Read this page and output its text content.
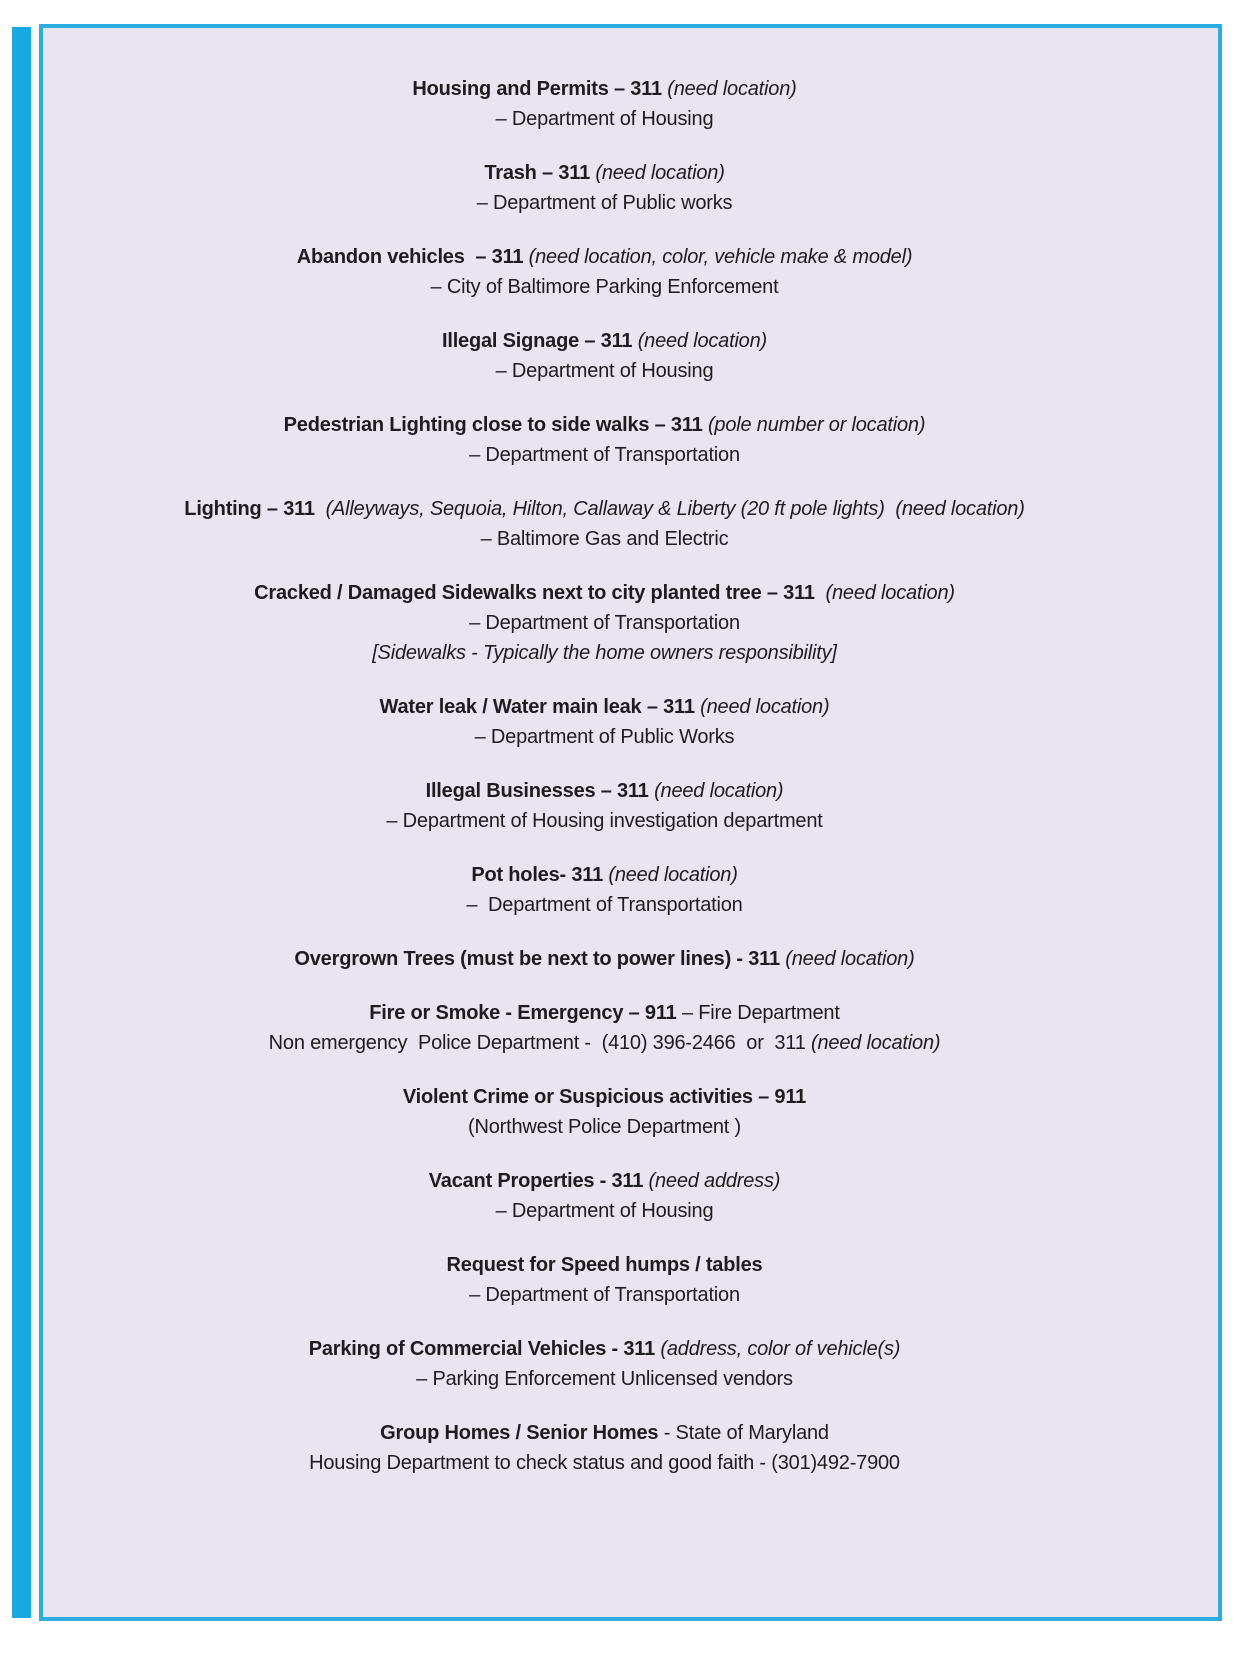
Housing and Permits – 311 (need location)
– Department of Housing
Trash – 311 (need location)
– Department of Public works
Abandon vehicles  – 311 (need location, color, vehicle make & model)
– City of Baltimore Parking Enforcement
Illegal Signage – 311 (need location)
– Department of Housing
Pedestrian Lighting close to side walks – 311 (pole number or location)
– Department of Transportation
Lighting – 311  (Alleyways, Sequoia, Hilton, Callaway & Liberty (20 ft pole lights)  (need location)
– Baltimore Gas and Electric
Cracked / Damaged Sidewalks next to city planted tree – 311  (need location)
– Department of Transportation
[Sidewalks - Typically the home owners responsibility]
Water leak / Water main leak – 311 (need location)
– Department of Public Works
Illegal Businesses – 311 (need location)
– Department of Housing investigation department
Pot holes- 311 (need location)
–  Department of Transportation
Overgrown Trees (must be next to power lines) - 311 (need location)
Fire or Smoke - Emergency – 911 – Fire Department
Non emergency  Police Department -  (410) 396-2466  or  311 (need location)
Violent Crime or Suspicious activities – 911
(Northwest Police Department )
Vacant Properties - 311 (need address)
– Department of Housing
Request for Speed humps / tables
– Department of Transportation
Parking of Commercial Vehicles - 311 (address, color of vehicle(s)
– Parking Enforcement Unlicensed vendors
Group Homes / Senior Homes - State of Maryland
Housing Department to check status and good faith - (301)492-7900
